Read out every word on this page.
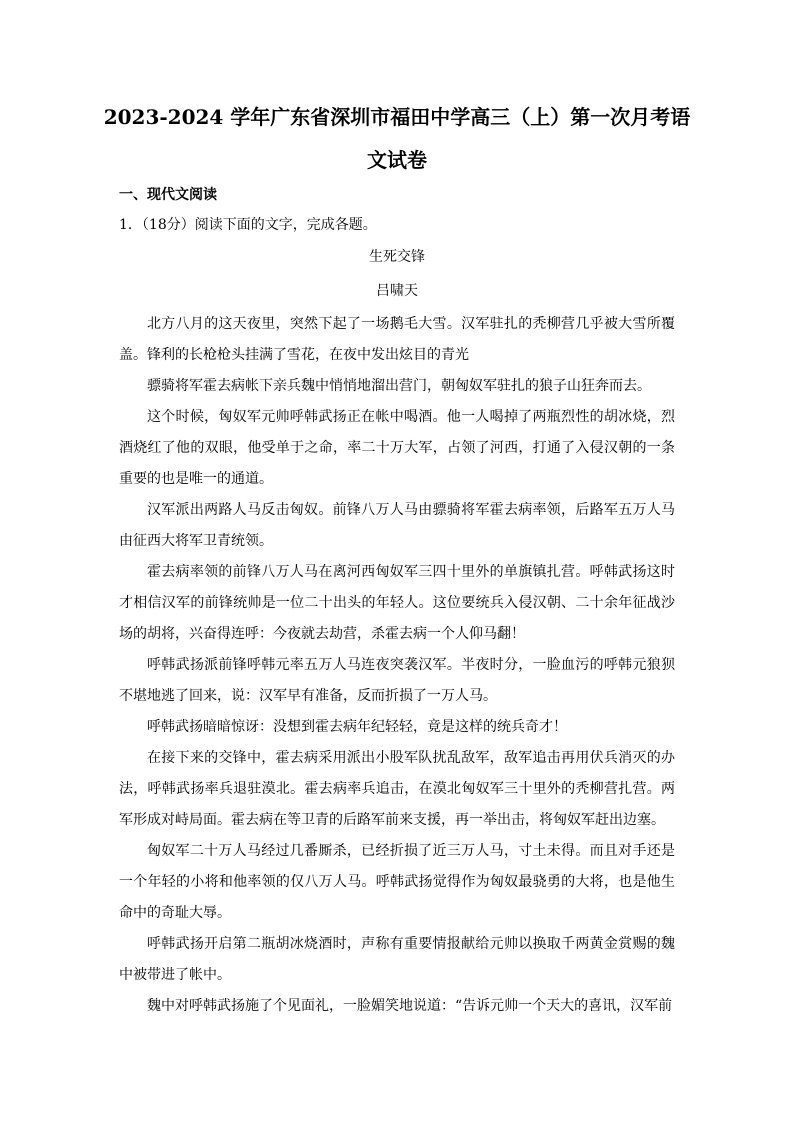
2023-2024 学年广东省深圳市福田中学高三（上）第一次月考语
文试卷
一、现代文阅读
1．（18分）阅读下面的文字，完成各题。
生死交锋
吕啸天

北方八月的这天夜里，突然下起了一场鹅毛大雪。汉军驻扎的秃柳营几乎被大雪所覆盖。锋利的长枪枪头挂满了雪花，在夜中发出炫目的青光

骠骑将军霍去病帐下亲兵魏中悄悄地溜出营门，朝匈奴军驻扎的狼子山狂奔而去。

这个时候，匈奴军元帅呼韩武扬正在帐中喝酒。他一人喝掉了两瓶烈性的胡冰烧，烈酒烧红了他的双眼，他受单于之命，率二十万大军，占领了河西，打通了入侵汉朝的一条重要的也是唯一的通道。

汉军派出两路人马反击匈奴。前锋八万人马由骠骑将军霍去病率领，后路军五万人马由征西大将军卫青统领。

霍去病率领的前锋八万人马在离河西匈奴军三四十里外的单旗镇扎营。呼韩武扬这时才相信汉军的前锋统帅是一位二十出头的年轻人。这位要统兵入侵汉朝、二十余年征战沙场的胡将，兴奋得连呼：今夜就去劫营，杀霍去病一个人仰马翻！

呼韩武扬派前锋呼韩元率五万人马连夜突袭汉军。半夜时分，一脸血污的呼韩元狼狈不堪地逃了回来，说：汉军早有准备，反而折损了一万人马。

呼韩武扬暗暗惊讶：没想到霍去病年纪轻轻，竟是这样的统兵奇才！

在接下来的交锋中，霍去病采用派出小股军队扰乱敌军，敌军追击再用伏兵消灭的办法，呼韩武扬率兵退驻漠北。霍去病率兵追击，在漠北匈奴军三十里外的秃柳营扎营。两军形成对峙局面。霍去病在等卫青的后路军前来支援，再一举出击，将匈奴军赶出边塞。

匈奴军二十万人马经过几番厮杀，已经折损了近三万人马，寸土未得。而且对手还是一个年轻的小将和他率领的仅八万人马。呼韩武扬觉得作为匈奴最骁勇的大将，也是他生命中的奇耻大辱。

呼韩武扬开启第二瓶胡冰烧酒时，声称有重要情报献给元帅以换取千两黄金赏赐的魏中被带进了帐中。

魏中对呼韩武扬施了个见面礼，一脸媚笑地说道：“告诉元帅一个天大的喜讯，汉军前
